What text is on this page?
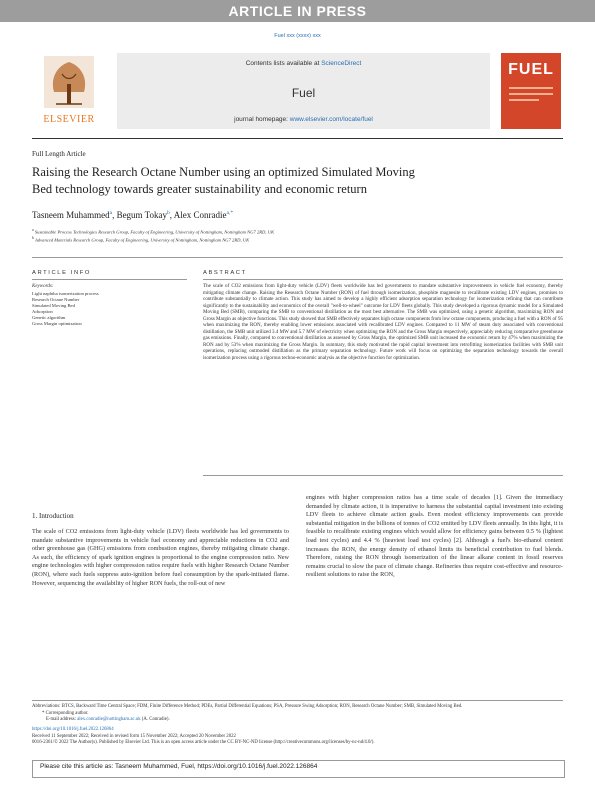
ARTICLE IN PRESS
Fuel xxx (xxxx) xxx
ELSEVIER
Contents lists available at ScienceDirect
Fuel
journal homepage: www.elsevier.com/locate/fuel
FUEL
Full Length Article
Raising the Research Octane Number using an optimized Simulated Moving
Bed technology towards greater sustainability and economic return
Tasneem Muhammed$^a$, Begum Tokay$^b$, Alex Conradie$^{a,*}$
$^a$ Sustainable Process Technologies Research Group, Faculty of Engineering, University of Nottingham, Nottingham NG7 2RD, UK
$^b$ Advanced Materials Research Group, Faculty of Engineering, University of Nottingham, Nottingham NG7 2RD, UK
ARTICLE INFO	ABSTRACT
Keywords:
Light naphtha isomerization process
Research Octane Number
Simulated Moving Bed
Adsorption
Genetic algorithm
Gross Margin optimization
The scale of CO2 emissions from light-duty vehicle (LDV) fleets worldwide has led governments to mandate substantive improvements in vehicle fuel economy, thereby mitigating climate change. Raising the Research Octane Number (RON) of fuel through isomerization, phosphite magnesite to recalibrate existing LDV engines, promises to contribute substantially to climate action. This study has aimed to develop a highly efficient adsorption separation technology for isomerization refining that can contribute significantly to the sustainability and economics of the overall "well-to-wheel" outcome for LDV fleets globally. This study developed a rigorous dynamic model for a Simulated Moving Bed (SMB), comparing the SMB to conventional distillation as the most best alternative. The SMB was optimized, using a genetic algorithm, maximizing RON and Gross Margin as objective functions. This study showed that SMB effectively separates high octane components from low octane components, producing a fuel with a RON of 95 when maximizing the RON, thereby enabling lower emissions associated with recalibrated LDV engines. Compared to 11 MW of steam duty associated with conventional distillation, the SMB unit utilized 3.4 MW and 5.7 MW of electricity when optimizing the RON and the Gross Margin respectively, appreciably reducing comparative greenhouse gas emissions. Finally, compared to conventional distillation as assessed by Gross Margin, the optimized SMB unit increased the economic return by 47% when maximizing the RON and by 53% when maximizing the Gross Margin. In summary, this study motivated the rapid capital investment into retrofitting isomerization facilities with SMB unit operations, replacing outmoded distillation as the primary separation technology. Future work will focus on optimizing the separation technology towards the overall isomerization process using a rigorous techno-economic analysis as the objective function for optimization.
1. Introduction
The scale of CO2 emissions from light-duty vehicle (LDV) fleets worldwide has led governments to mandate substantive improvements in vehicle fuel economy and appreciable reductions in CO2 and other greenhouse gas (GHG) emissions from combustion engines, thereby mitigating climate change. As such, the efficiency of spark ignition engines is proportional to the engine compression ratio. New engine technologies with higher compression ratios require fuels with higher Research Octane Number (RON), where such fuels suppress auto-ignition before fuel consumption by the spark-initiated flame. However, sequencing the availability of higher RON fuels, the roll-out of new
engines with higher compression ratios has a time scale of decades [1]. Given the immediacy demanded by climate action, it is imperative to harness the substantial capital investment into existing LDV fleets to achieve climate action goals. Even modest efficiency improvements can provide substantial mitigation in the billions of tonnes of CO2 emitted by LDV fleets annually. In this light, it is feasible to recalibrate existing engines which would allow for efficiency gains between 0.5 % (lightest load test cycles) and 4.4 % (heaviest load test cycles) [2]. Although a fuel's bio-ethanol content increases the RON, the energy density of ethanol limits its beneficial contribution to fuel blends. Therefore, raising the RON through isomerization of the linear alkane content in fossil reserves remains crucial to slow the pace of climate change. Refineries thus require cost-effective and resource-resilient solutions to raise the RON,
Abbreviations: BTCS, Backward Time Central Space; FDM, Finite Difference Method; PDEs, Partial Differential Equations; PSA, Pressure Swing Adsorption; RON, Research Octane Number; SMB, Simulated Moving Bed.
* Corresponding author.
E-mail address: alex.conradie@nottingham.ac.uk (A. Conradie).
https://doi.org/10.1016/j.fuel.2022.126864
Received 11 September 2022; Received in revised form 15 November 2022; Accepted 20 November 2022
0016-2361/© 2022 The Author(s). Published by Elsevier Ltd. This is an open access article under the CC BY-NC-ND license (http://creativecommons.org/licenses/by-nc-nd/4.0/).
Please cite this article as: Tasneem Muhammed, Fuel, https://doi.org/10.1016/j.fuel.2022.126864
